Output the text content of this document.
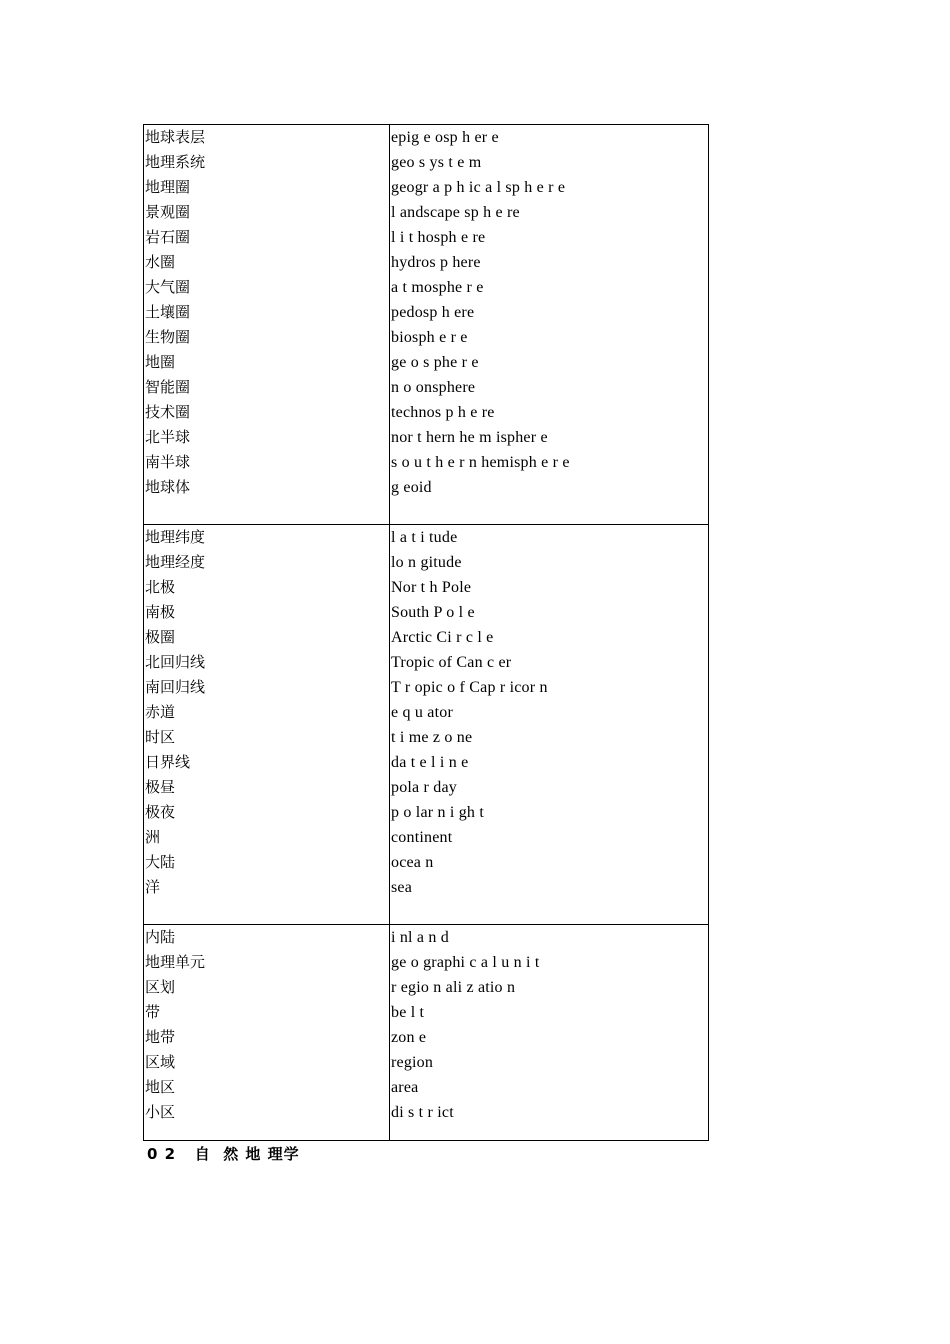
地球表层
地理系统
地理圈
景观圈
岩石圈
水圈
大气圈
土壤圈
生物圈
地圈
智能圈
技术圈
北半球
南半球
地球体
epig e osp h er e
geo s ys t e m
geogr a p h ic a l sp h e r e
l andscape sp h e re
l i t hosph e re
hydros p here
a t mosphe r e
pedosp h ere
biosph e r e
ge o s phe r e
n o onsphere
technos p h e re
nor t hern he m ispher e
s o u t h e r n hemisph e r e
g eoid
地理纬度
地理经度
北极
南极
极圈
北回归线
南回归线
赤道
时区
日界线
极昼
极夜
洲
大陆
洋
l a t i tude
lo n gitude
Nor t h Pole
South P o l e
Arctic Ci r c l e
Tropic of Can c er
T r opic o f Cap r icor n
e q u ator
t i me z o ne
da t e l i n e
pola r day
p o lar n i gh t
continent
ocea n
sea
内陆
地理单元
区划
带
地带
区域
地区
小区
i nl a n d
ge o graphi c a l u n i t
r egio n ali z atio n
be l t
zon e
region
area
di s t r ict
0 2   自  然 地 理学
